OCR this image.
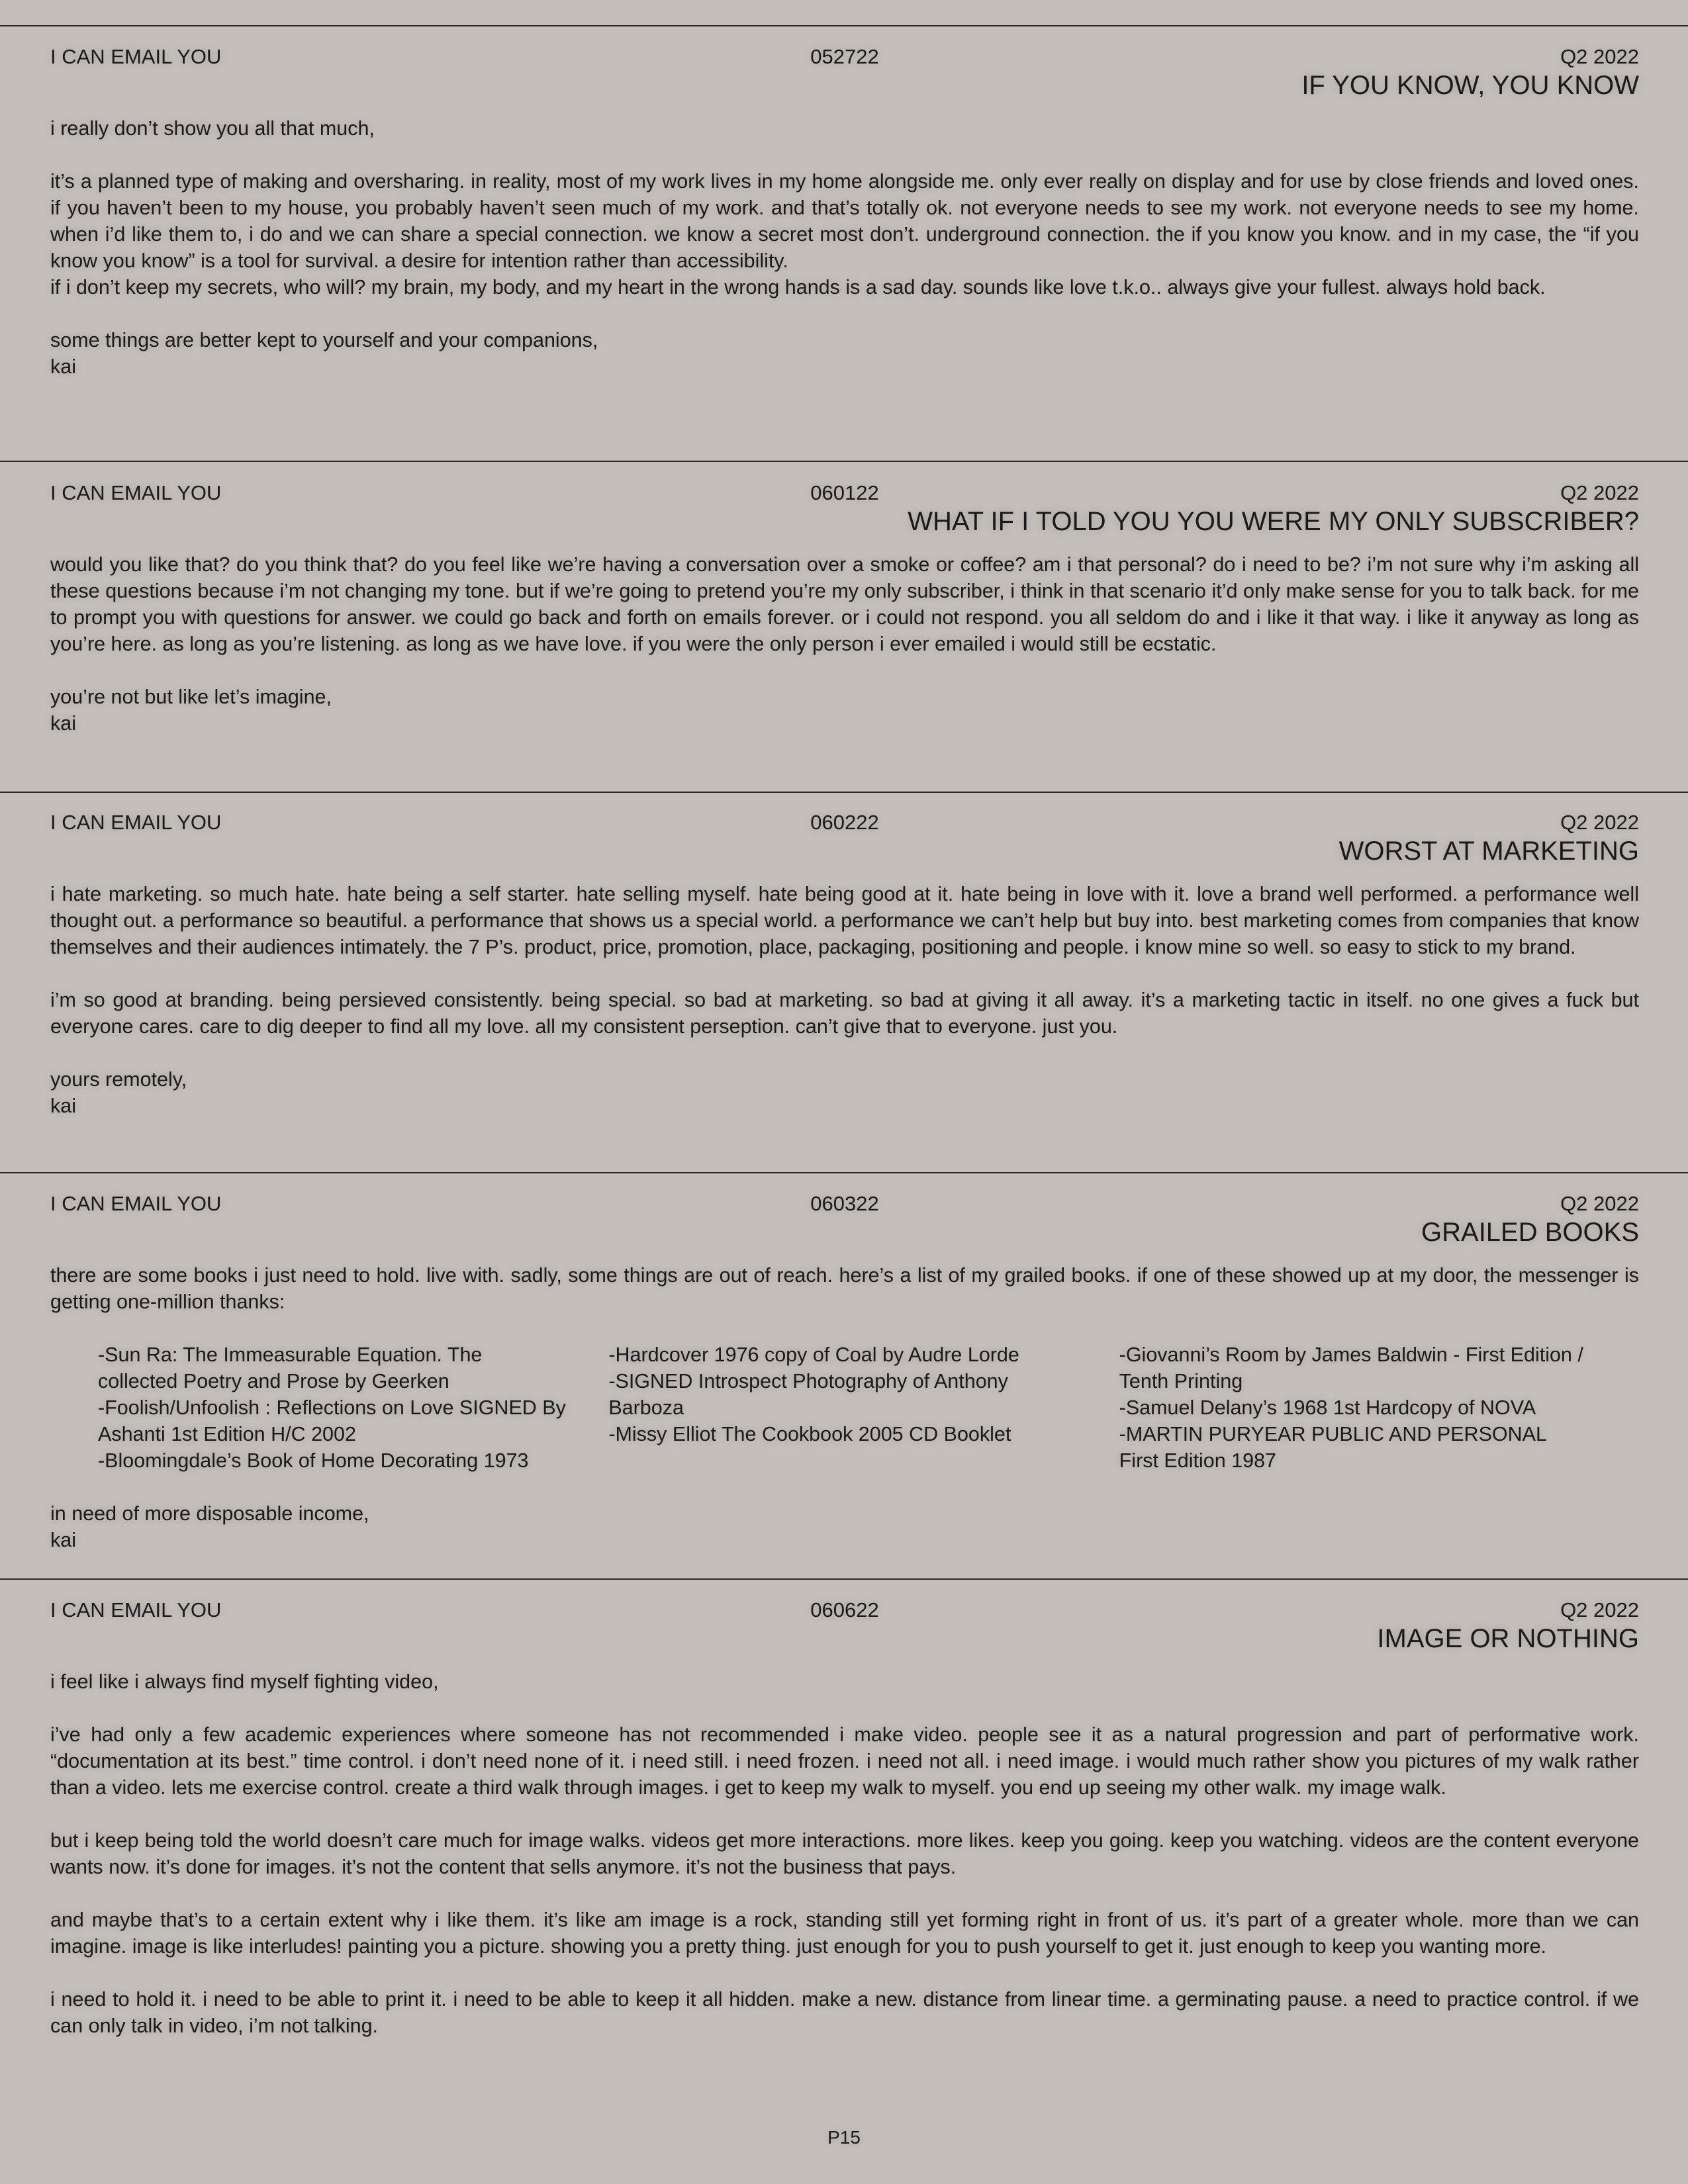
I CAN EMAIL YOU	052722	Q2 2022
IF YOU KNOW, YOU KNOW

i really don’t show you all that much,

it’s a planned type of making and oversharing. in reality, most of my work lives in my home alongside me. only ever really on display and for use by close friends and loved ones. if you haven’t been to my house, you probably haven’t seen much of my work. and that’s totally ok. not everyone needs to see my work. not everyone needs to see my home. when i’d like them to, i do and we can share a special connection. we know a secret most don’t. underground connection. the if you know you know. and in my case, the “if you know you know” is a tool for survival. a desire for intention rather than accessibility.

if i don’t keep my secrets, who will? my brain, my body, and my heart in the wrong hands is a sad day. sounds like love t.k.o.. always give your fullest. always hold back.

some things are better kept to yourself and your companions,
kai
I CAN EMAIL YOU	060122	Q2 2022
WHAT IF I TOLD YOU YOU WERE MY ONLY SUBSCRIBER?

would you like that? do you think that? do you feel like we’re having a conversation over a smoke or coffee? am i that personal? do i need to be? i’m not sure why i’m asking all these questions because i’m not changing my tone. but if we’re going to pretend you’re my only subscriber, i think in that scenario it’d only make sense for you to talk back. for me to prompt you with questions for answer. we could go back and forth on emails forever. or i could not respond. you all seldom do and i like it that way. i like it anyway as long as you’re here. as long as you’re listening. as long as we have love. if you were the only person i ever emailed i would still be ecstatic.

you’re not but like let’s imagine,
kai
I CAN EMAIL YOU	060222	Q2 2022
WORST AT MARKETING

i hate marketing. so much hate. hate being a self starter. hate selling myself. hate being good at it. hate being in love with it. love a brand well performed. a performance well thought out. a performance so beautiful. a performance that shows us a special world. a performance we can’t help but buy into. best marketing comes from companies that know themselves and their audiences intimately. the 7 P’s. product, price, promotion, place, packaging, positioning and people. i know mine so well. so easy to stick to my brand.

i’m so good at branding. being persieved consistently. being special. so bad at marketing. so bad at giving it all away. it’s a marketing tactic in itself. no one gives a fuck but everyone cares. care to dig deeper to find all my love. all my consistent perseption. can’t give that to everyone. just you.

yours remotely,
kai
I CAN EMAIL YOU	060322	Q2 2022
GRAILED BOOKS

there are some books i just need to hold. live with. sadly, some things are out of reach. here’s a list of my grailed books. if one of these showed up at my door, the messenger is getting one-million thanks:

-Sun Ra: The Immeasurable Equation. The collected Poetry and Prose by Geerken
-Foolish/Unfoolish : Reflections on Love SIGNED By Ashanti 1st Edition H/C 2002
-Bloomingdale’s Book of Home Decorating 1973
-Hardcover 1976 copy of Coal by Audre Lorde
-SIGNED Introspect Photography of Anthony Barboza
-Missy Elliot The Cookbook 2005 CD Booklet
-Giovanni’s Room by James Baldwin - First Edition / Tenth Printing
-Samuel Delany’s 1968 1st Hardcopy of NOVA
-MARTIN PURYEAR PUBLIC AND PERSONAL First Edition 1987
in need of more disposable income,
kai
I CAN EMAIL YOU	060622	Q2 2022
IMAGE OR NOTHING

i feel like i always find myself fighting video,

i’ve had only a few academic experiences where someone has not recommended i make video. people see it as a natural progression and part of performative work. “documentation at its best.” time control. i don’t need none of it. i need still. i need frozen. i need not all. i need image. i would much rather show you pictures of my walk rather than a video. lets me exercise control. create a third walk through images. i get to keep my walk to myself. you end up seeing my other walk. my image walk.

but i keep being told the world doesn’t care much for image walks. videos get more interactions. more likes. keep you going. keep you watching. videos are the content everyone wants now. it’s done for images. it’s not the content that sells anymore. it’s not the business that pays.

and maybe that’s to a certain extent why i like them. it’s like am image is a rock, standing still yet forming right in front of us. it’s part of a greater whole. more than we can imagine. image is like interludes! painting you a picture. showing you a pretty thing. just enough for you to push yourself to get it. just enough to keep you wanting more.

i need to hold it. i need to be able to print it. i need to be able to keep it all hidden. make a new. distance from linear time. a germinating pause. a need to practice control. if we can only talk in video, i’m not talking.

P15
